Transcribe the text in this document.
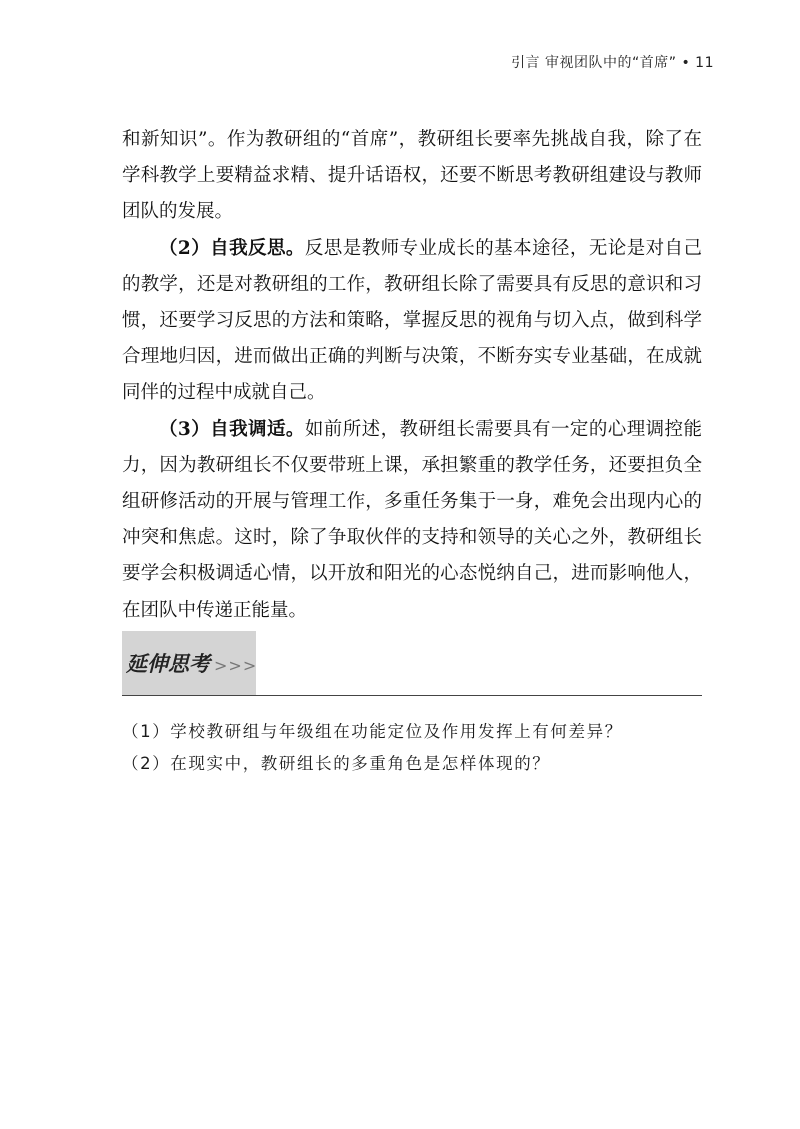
引言 审视团队中的“首席” • 11

和新知识”。作为教研组的“首席”，教研组长要率先挑战自我，除了在学科教学上要精益求精、提升话语权，还要不断思考教研组建设与教师团队的发展。

（2）自我反思。反思是教师专业成长的基本途径，无论是对自己的教学，还是对教研组的工作，教研组长除了需要具有反思的意识和习惯，还要学习反思的方法和策略，掌握反思的视角与切入点，做到科学合理地归因，进而做出正确的判断与决策，不断夯实专业基础，在成就同伴的过程中成就自己。

（3）自我调适。如前所述，教研组长需要具有一定的心理调控能力，因为教研组长不仅要带班上课，承担繁重的教学任务，还要担负全组研修活动的开展与管理工作，多重任务集于一身，难免会出现内心的冲突和焦虑。这时，除了争取伙伴的支持和领导的关心之外，教研组长要学会积极调适心情，以开放和阳光的心态悦纳自己，进而影响他人，在团队中传递正能量。

延伸思考 >>>
（1）学校教研组与年级组在功能定位及作用发挥上有何差异？
（2）在现实中，教研组长的多重角色是怎样体现的？
